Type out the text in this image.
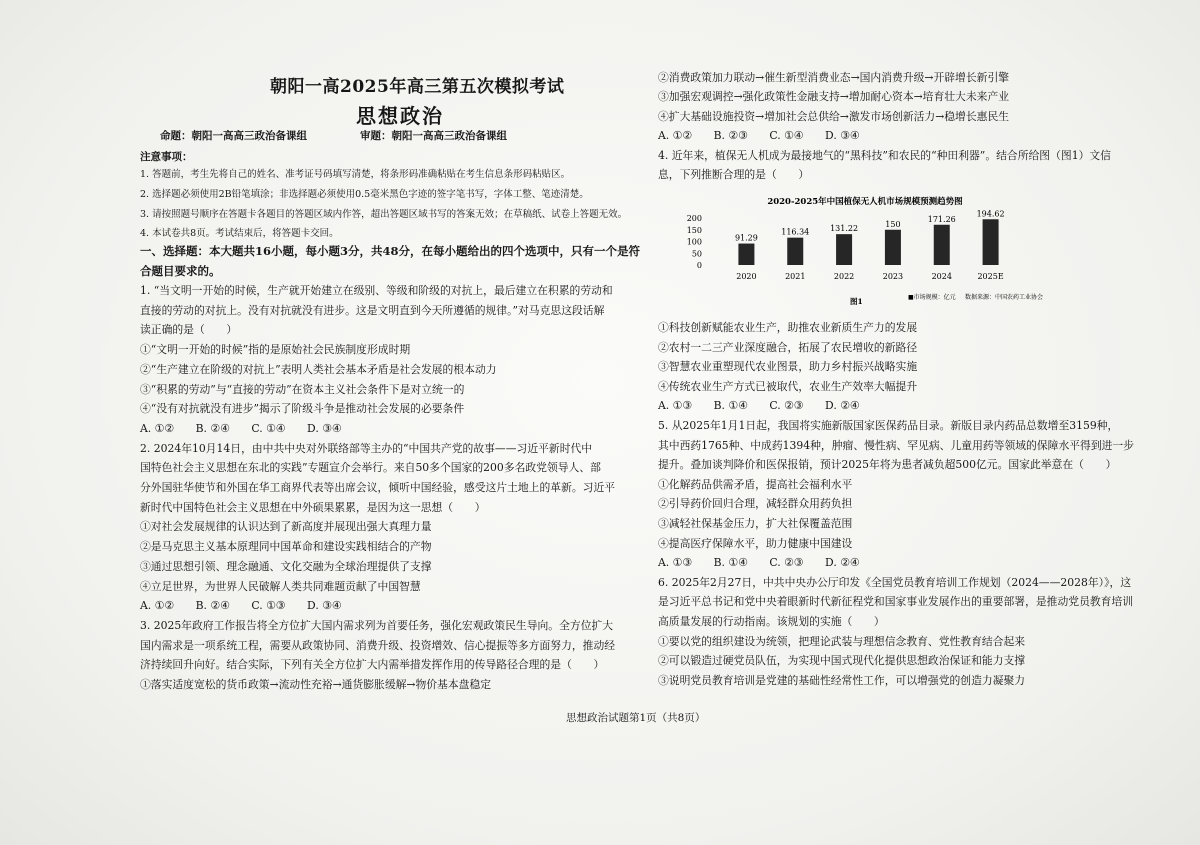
朝阳一高2025年高三第五次模拟考试
思想政治
命题：朝阳一高高三政治备课组	审题：朝阳一高高三政治备课组
注意事项：
1. 答题前，考生先将自己的姓名、准考证号码填写清楚，将条形码准确粘贴在考生信息条形码粘贴区。
2. 选择题必须使用2B铅笔填涂；非选择题必须使用0.5毫米黑色字迹的签字笔书写，字体工整、笔迹清楚。
3. 请按照题号顺序在答题卡各题目的答题区域内作答，超出答题区域书写的答案无效；在草稿纸、试卷上答题无效。
4. 本试卷共8页。考试结束后，将答题卡交回。
一、选择题：本大题共16小题，每小题3分，共48分，在每小题给出的四个选项中，只有一个是符
合题目要求的。
1. “当文明一开始的时候，生产就开始建立在级别、等级和阶级的对抗上，最后建立在积累的劳动和
直接的劳动的对抗上。没有对抗就没有进步。这是文明直到今天所遵循的规律。”对马克思这段话解
读正确的是（　　）
①“文明一开始的时候”指的是原始社会民族制度形成时期
②“生产建立在阶级的对抗上”表明人类社会基本矛盾是社会发展的根本动力
③“积累的劳动”与“直接的劳动”在资本主义社会条件下是对立统一的
④“没有对抗就没有进步”揭示了阶级斗争是推动社会发展的必要条件
A. ①②　　B. ②④　　C. ①④　　D. ③④
2. 2024年10月14日，由中共中央对外联络部等主办的“中国共产党的故事——习近平新时代中
国特色社会主义思想在东北的实践”专题宣介会举行。来自50多个国家的200多名政党领导人、部
分外国驻华使节和外国在华工商界代表等出席会议，倾听中国经验，感受这片土地上的革新。习近平
新时代中国特色社会主义思想在中外硕果累累，是因为这一思想（　　）
①对社会发展规律的认识达到了新高度并展现出强大真理力量
②是马克思主义基本原理同中国革命和建设实践相结合的产物
③通过思想引领、理念融通、文化交融为全球治理提供了支撑
④立足世界，为世界人民破解人类共同难题贡献了中国智慧
A. ①②　　B. ②④　　C. ①③　　D. ③④
3. 2025年政府工作报告将全方位扩大国内需求列为首要任务，强化宏观政策民生导向。全方位扩大
国内需求是一项系统工程，需要从政策协同、消费升级、投资增效、信心提振等多方面努力，推动经
济持续回升向好。结合实际，下列有关全方位扩大内需举措发挥作用的传导路径合理的是（　　）
①落实适度宽松的货币政策→流动性充裕→通货膨胀缓解→物价基本盘稳定
②消费政策加力联动→催生新型消费业态→国内消费升级→开辟增长新引擎
③加强宏观调控→强化政策性金融支持→增加耐心资本→培育壮大未来产业
④扩大基础设施投资→增加社会总供给→激发市场创新活力→稳增长惠民生
A. ①②　　B. ②③　　C. ①④　　D. ③④
4. 近年来，植保无人机成为最接地气的“黑科技”和农民的“种田利器”。结合所给图（图1）文信
息，下列推断合理的是（　　）
①科技创新赋能农业生产，助推农业新质生产力的发展
②农村一二三产业深度融合，拓展了农民增收的新路径
③智慧农业重塑现代农业图景，助力乡村振兴战略实施
④传统农业生产方式已被取代，农业生产效率大幅提升
A. ①③　　B. ①④　　C. ②③　　D. ②④
5. 从2025年1月1日起，我国将实施新版国家医保药品目录。新版目录内药品总数增至3159种，
其中西药1765种、中成药1394种，肿瘤、慢性病、罕见病、儿童用药等领域的保障水平得到进一步
提升。叠加谈判降价和医保报销，预计2025年将为患者减负超500亿元。国家此举意在（　　）
①化解药品供需矛盾，提高社会福利水平
②引导药价回归合理，减轻群众用药负担
③减轻社保基金压力，扩大社保覆盖范围
④提高医疗保障水平，助力健康中国建设
A. ①③　　B. ①④　　C. ②③　　D. ②④
6. 2025年2月27日，中共中央办公厅印发《全国党员教育培训工作规划（2024——2028年）》，这
是习近平总书记和党中央着眼新时代新征程党和国家事业发展作出的重要部署，是推动党员教育培训
高质量发展的行动指南。该规划的实施（　　）
①要以党的组织建设为统领，把理论武装与理想信念教育、党性教育结合起来
②可以锻造过硬党员队伍，为实现中国式现代化提供思想政治保证和能力支撑
③说明党员教育培训是党建的基础性经常性工作，可以增强党的创造力凝聚力
2020-2025年中国植保无人机市场规模预测趋势图
200
150
100
50
0
91.29
116.34	131.22	150
171.26
194.62
2020	2021	2022	2023	2024	2025E
图1	■市场规模：亿元 数据来源：中国农药工业协会
思想政治试题第1页（共8页）
